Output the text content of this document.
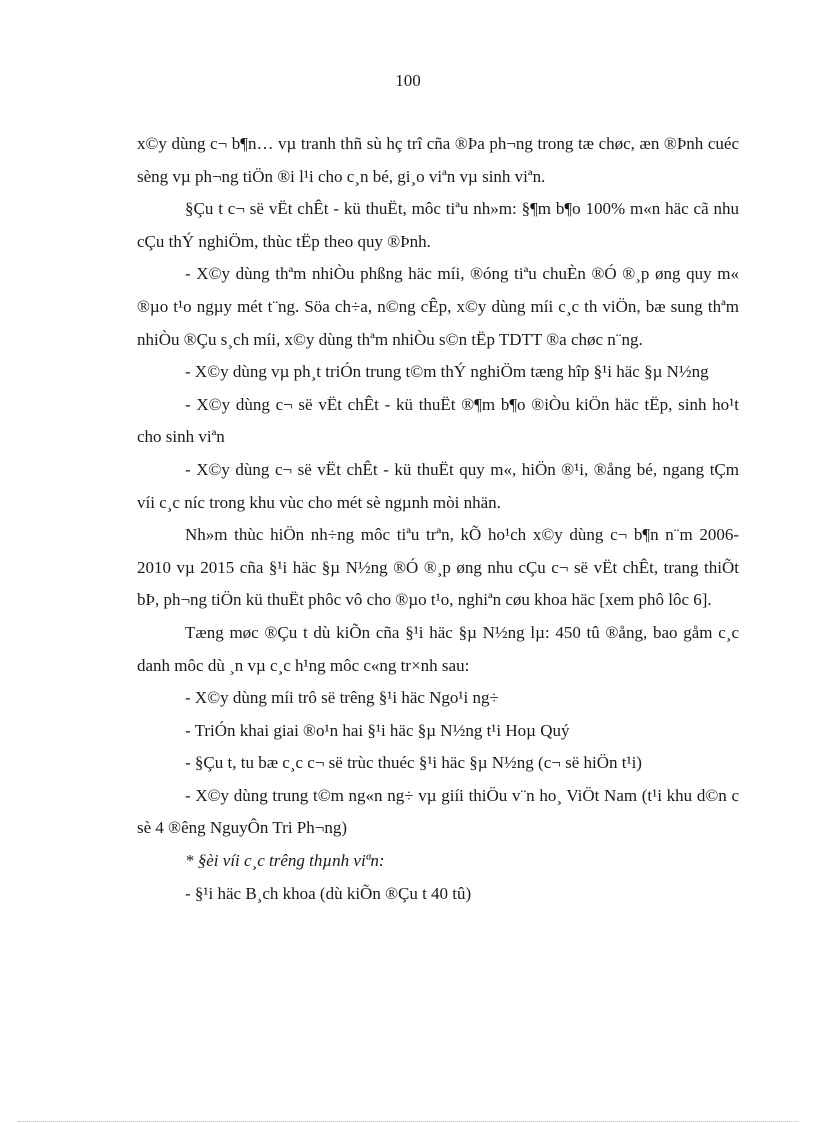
100

x©y dùng c¬ b¶n… vµ tranh thñ sù hç trî cña ®Þa ph¬ng trong tæ chøc, æn ®Þnh cuéc sèng vµ ph¬ng tiÖn ®i l¹i cho c¸n bé, gi¸o viªn vµ sinh viªn.

§Çu t c¬ së vËt chÊt - kü thuËt, môc tiªu nh»m: §¶m b¶o 100% m«n häc cã nhu cÇu thÝ nghiÖm, thùc tËp theo quy ®Þnh.

- X©y dùng thªm nhiÒu phßng häc míi, ®óng tiªu chuÈn ®Ó ®¸p øng quy m« ®µo t¹o ngµy mét t¨ng. Söa ch÷a, n©ng cÊp, x©y dùng míi c¸c th viÖn, bæ sung thªm nhiÒu ®Çu s¸ch míi, x©y dùng thªm nhiÒu s©n tËp TDTT ®a chøc n¨ng.

- X©y dùng vµ ph¸t triÓn trung t©m thÝ nghiÖm tæng hîp §¹i häc §µ N½ng

- X©y dùng c¬ së vËt chÊt - kü thuËt ®¶m b¶o ®iÒu kiÖn häc tËp, sinh ho¹t cho sinh viªn

- X©y dùng c¬ së vËt chÊt - kü thuËt quy m«, hiÖn ®¹i, ®ång bé, ngang tÇm víi c¸c níc trong khu vùc cho mét sè ngµnh mòi nhän.

Nh»m thùc hiÖn nh÷ng môc tiªu trªn, kÕ ho¹ch x©y dùng c¬ b¶n n¨m 2006-2010 vµ 2015 cña §¹i häc §µ N½ng ®Ó ®¸p øng nhu cÇu c¬ së vËt chÊt, trang thiÕt bÞ, ph¬ng tiÖn kü thuËt phôc vô cho ®µo t¹o, nghiªn cøu khoa häc [xem phô lôc 6].

Tæng møc ®Çu t dù kiÕn cña §¹i häc §µ N½ng lµ: 450 tû ®ång, bao gåm c¸c danh môc dù ¸n vµ c¸c h¹ng môc c«ng tr×nh sau:

- X©y dùng míi trô së trêng §¹i häc Ngo¹i ng÷

- TriÓn khai giai ®o¹n hai §¹i häc §µ N½ng t¹i Hoµ Quý

- §Çu t, tu bæ c¸c c¬ së trùc thuéc §¹i häc §µ N½ng (c¬ së hiÖn t¹i)

- X©y dùng trung t©m ng«n ng÷ vµ giíi thiÖu v¨n ho¸ ViÖt Nam (t¹i khu d©n c sè 4 ®êng NguyÔn Tri Ph¬ng)

* §èi víi c¸c trêng thµnh viªn:

- §¹i häc B¸ch khoa (dù kiÕn ®Çu t 40 tû)
